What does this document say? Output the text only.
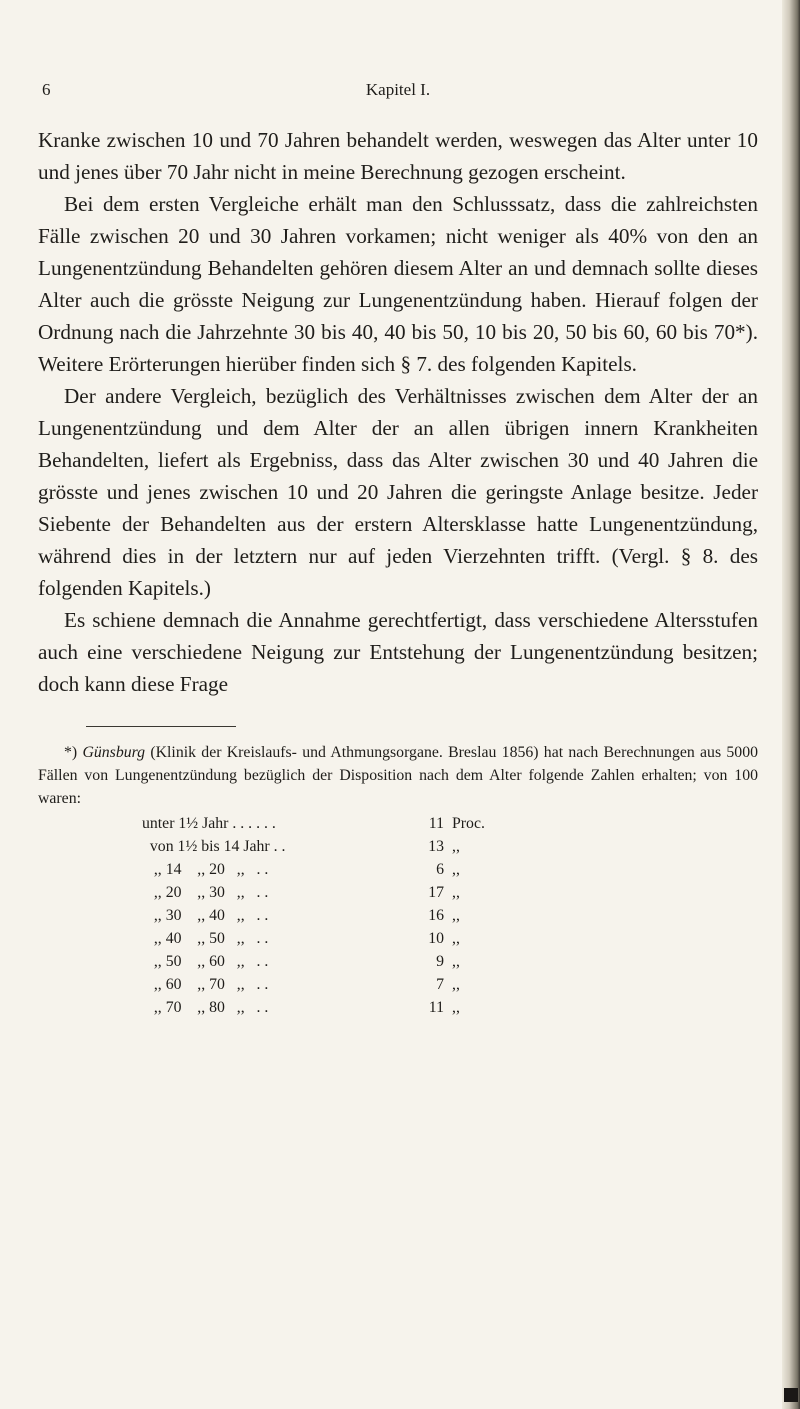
6	Kapitel I.

Kranke zwischen 10 und 70 Jahren behandelt werden, weswegen das Alter unter 10 und jenes über 70 Jahr nicht in meine Berechnung gezogen erscheint.

Bei dem ersten Vergleiche erhält man den Schlusssatz, dass die zahlreichsten Fälle zwischen 20 und 30 Jahren vorkamen; nicht weniger als 40% von den an Lungenentzündung Behandelten gehören diesem Alter an und demnach sollte dieses Alter auch die grösste Neigung zur Lungenentzündung haben. Hierauf folgen der Ordnung nach die Jahrzehnte 30 bis 40, 40 bis 50, 10 bis 20, 50 bis 60, 60 bis 70*). Weitere Erörterungen hierüber finden sich § 7. des folgenden Kapitels.

Der andere Vergleich, bezüglich des Verhältnisses zwischen dem Alter der an Lungenentzündung und dem Alter der an allen übrigen innern Krankheiten Behandelten, liefert als Ergebniss, dass das Alter zwischen 30 und 40 Jahren die grösste und jenes zwischen 10 und 20 Jahren die geringste Anlage besitze. Jeder Siebente der Behandelten aus der erstern Altersklasse hatte Lungenentzündung, während dies in der letztern nur auf jeden Vierzehnten trifft. (Vergl. § 8. des folgenden Kapitels.)

Es schiene demnach die Annahme gerechtfertigt, dass verschiedene Altersstufen auch eine verschiedene Neigung zur Entstehung der Lungenentzündung besitzen; doch kann diese Frage

*) Günsburg (Klinik der Kreislaufs- und Athmungsorgane. Breslau 1856) hat nach Berechnungen aus 5000 Fällen von Lungenentzündung bezüglich der Disposition nach dem Alter folgende Zahlen erhalten; von 100 waren:

unter 1½ Jahr . . . . . .	11 Proc.
von 1½ bis 14 Jahr . .	13 ,,
,, 14    ,, 20   ,,   . .	6 ,,
,, 20    ,, 30   ,,   . .	17 ,,
,, 30    ,, 40   ,,   . .	16 ,,
,, 40    ,, 50   ,,   . .	10 ,,
,, 50    ,, 60   ,,   . .	9 ,,
,, 60    ,, 70   ,,   . .	7 ,,
,, 70    ,, 80   ,,   . .	11 ,,
